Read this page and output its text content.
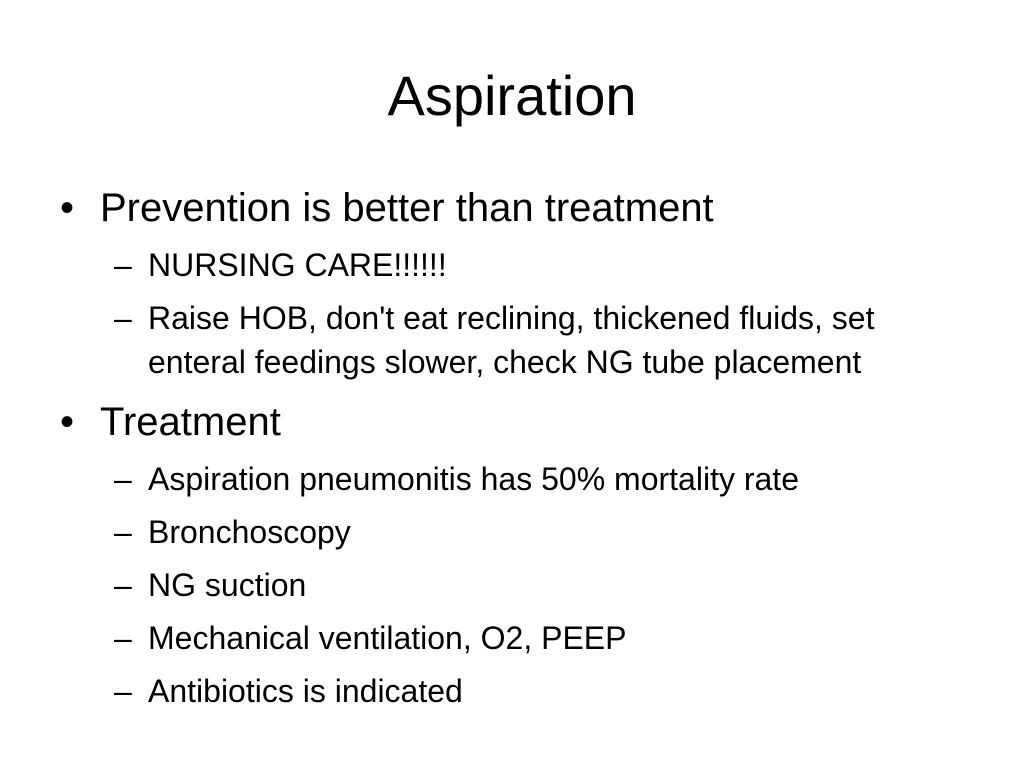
Aspiration
• Prevention is better than treatment
– NURSING CARE!!!!!!
– Raise HOB, don't eat reclining, thickened fluids, set enteral feedings slower, check NG tube placement
• Treatment
– Aspiration pneumonitis has 50% mortality rate
– Bronchoscopy
– NG suction
– Mechanical ventilation, O2, PEEP
– Antibiotics is indicated
